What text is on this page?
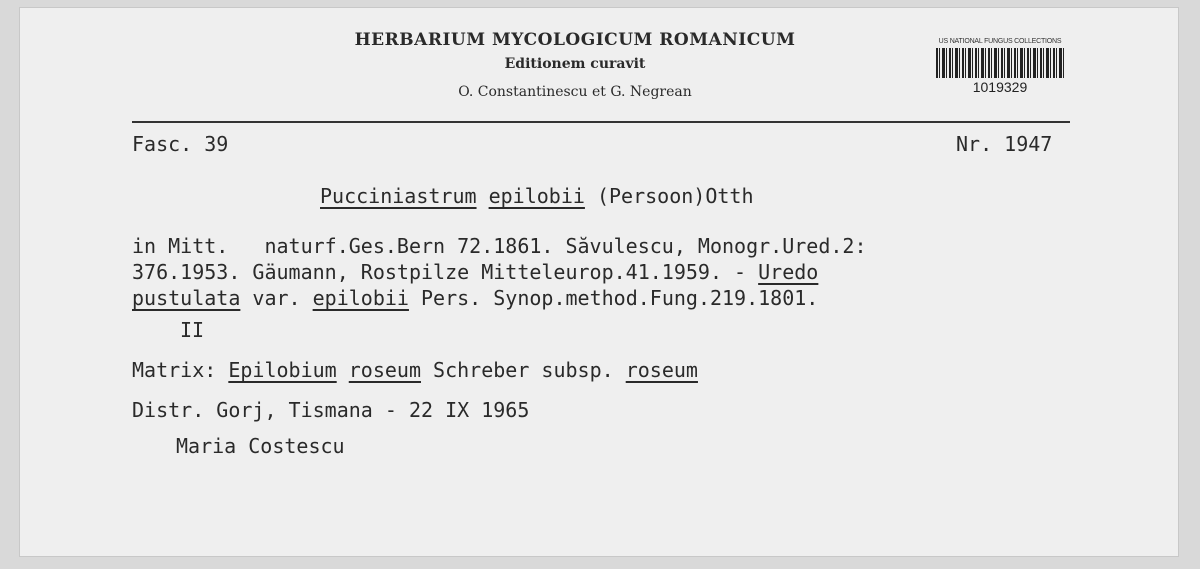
HERBARIUM MYCOLOGICUM ROMANICUM
Editionem curavit
O. Constantinescu et G. Negrean
US NATIONAL FUNGUS COLLECTIONS
1019329
Fasc. 39	Nr. 1947
Pucciniastrum epilobii (Persoon)Otth
in Mitt.   naturf.Ges.Bern 72.1861. Săvulescu, Monogr.Ured.2:
376.1953. Gäumann, Rostpilze Mitteleurop.41.1959. - Uredo
pustulata var. epilobii Pers. Synop.method.Fung.219.1801.
II
Matrix: Epilobium roseum Schreber subsp. roseum
Distr. Gorj, Tismana - 22 IX 1965
Maria Costescu
